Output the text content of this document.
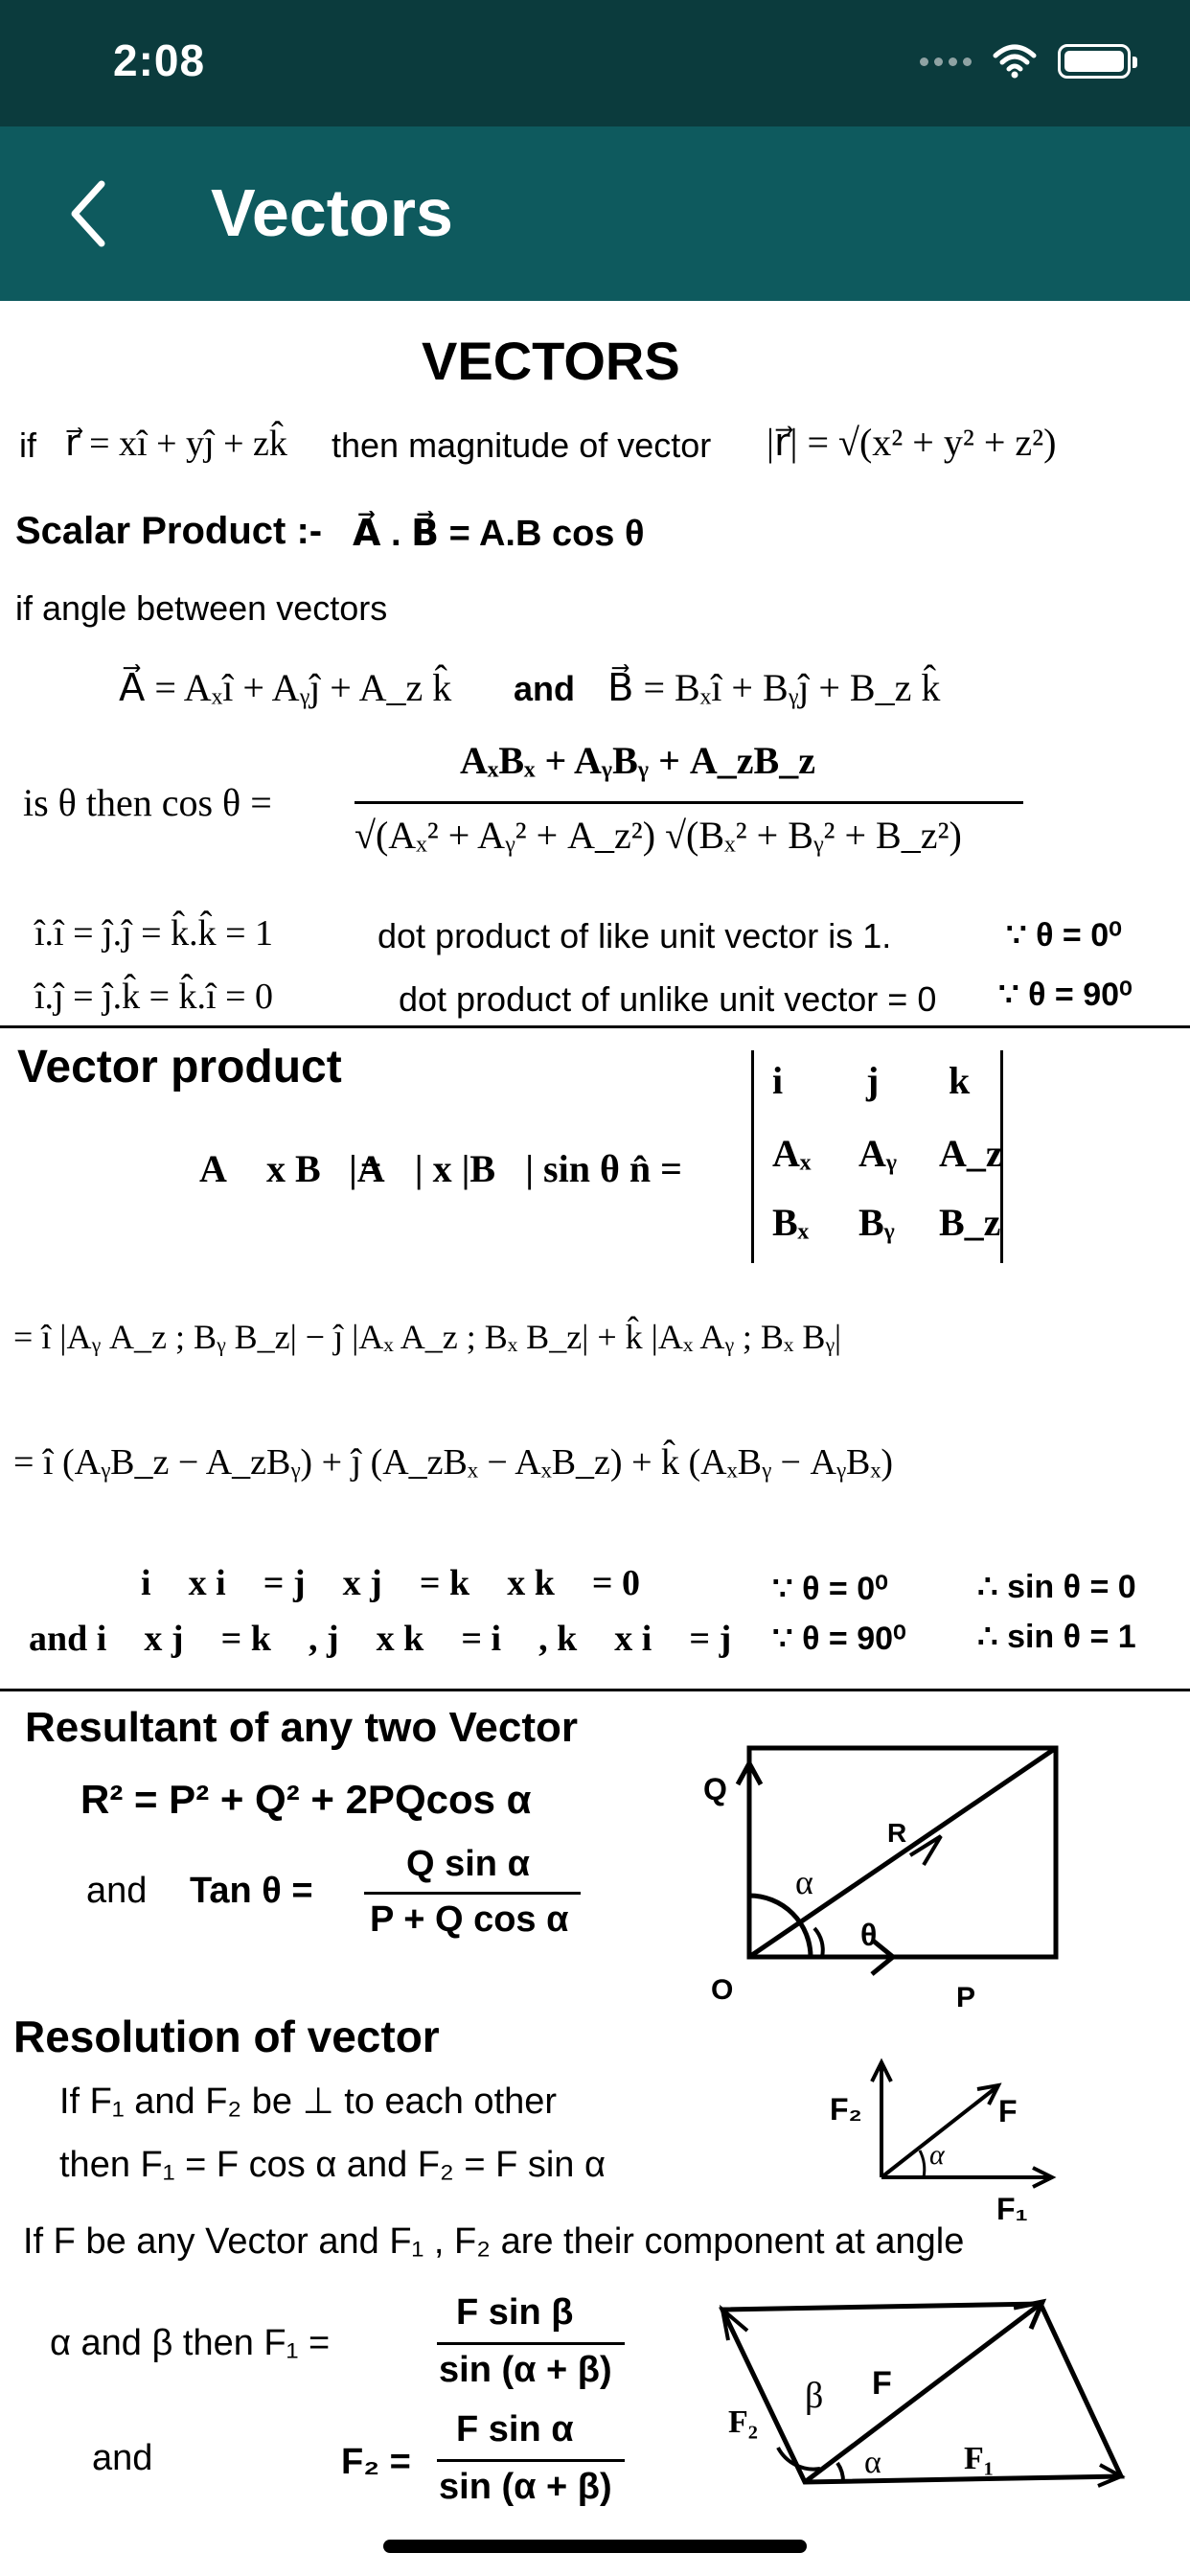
2:08
Vectors
VECTORS
if r⃗ = xî + yĵ + zk̂ then magnitude of vector |r⃗| = √(x² + y² + z²)
Scalar Product :- A⃗ . B⃗ = A.B cos θ
if angle between vectors
A⃗ = Aₓî + Aᵧĵ + A_z k̂ and B⃗ = Bₓî + Bᵧĵ + B_z k̂
is θ then cos θ =
AₓBₓ + AᵧBᵧ + A_zB_z
√(Aₓ² + Aᵧ² + A_z²) √(Bₓ² + Bᵧ² + B_z²)
î.î = ĵ.ĵ = k̂.k̂ = 1	dot product of like unit vector is 1.	∵ θ = 0⁰
î.ĵ = ĵ.k̂ = k̂.î = 0	dot product of unlike unit vector = 0 ∵ θ = 90⁰
Vector product
A⃗ x B⃗ =
|A⃗| x |B⃗| sin θ n̂ =
i⃗ j⃗ k⃗
Aₓ Aᵧ A_z
Bₓ Bᵧ B_z
= î |Aᵧ A_z ; Bᵧ B_z| − ĵ |Aₓ A_z ; Bₓ B_z| + k̂ |Aₓ Aᵧ ; Bₓ Bᵧ|
= î (AᵧB_z − A_zBᵧ) + ĵ (A_zBₓ − AₓB_z) + k̂ (AₓBᵧ − AᵧBₓ)
∴ i⃗ x i⃗ = j⃗ x j⃗ = k⃗ x k⃗ = 0	∵ θ = 0⁰	∴ sin θ = 0
and i⃗ x j⃗ = k⃗ , j⃗ x k⃗ = i⃗ , k⃗ x i⃗ = j⃗ ∵ θ = 90⁰ ∴ sin θ = 1
Resultant of any two Vector
R² = P² + Q² + 2PQcos α
and Tan θ =
Q sin α
P + Q cos α
Q
R
α
θ
O	P
Resolution of vector
If F₁ and F₂ be ⊥ to each other
then F₁ = F cos α and F₂ = F sin α
F₂	F
α
F₁
If F be any Vector and F₁ , F₂ are their component at angle
α and β then F₁ =
F sin β
sin (α + β)
and	F₂ =
F sin α
sin (α + β)
F₂
β F
α	F₁
